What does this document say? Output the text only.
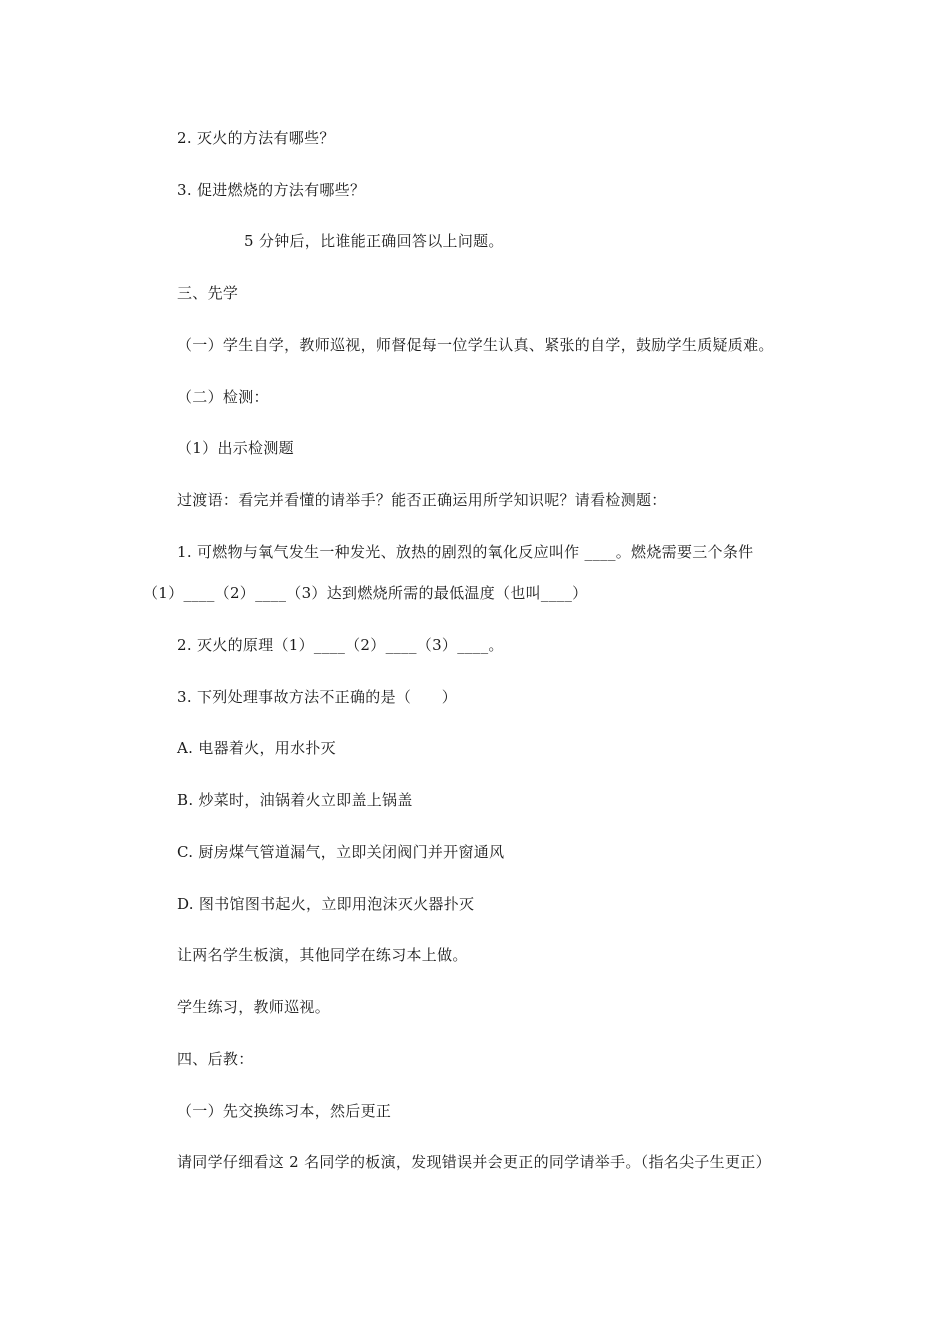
2. 灭火的方法有哪些？
3. 促进燃烧的方法有哪些？
5 分钟后，比谁能正确回答以上问题。
三、先学
（一）学生自学，教师巡视，师督促每一位学生认真、紧张的自学，鼓励学生质疑质难。
（二）检测：
（1）出示检测题
过渡语：看完并看懂的请举手？能否正确运用所学知识呢？请看检测题：
1. 可燃物与氧气发生一种发光、放热的剧烈的氧化反应叫作 ____。燃烧需要三个条件
（1）____（2）____（3）达到燃烧所需的最低温度（也叫____）
2. 灭火的原理（1）____（2）____（3）____。
3. 下列处理事故方法不正确的是（　　）
A. 电器着火，用水扑灭
B. 炒菜时，油锅着火立即盖上锅盖
C. 厨房煤气管道漏气，立即关闭阀门并开窗通风
D. 图书馆图书起火，立即用泡沫灭火器扑灭
让两名学生板演，其他同学在练习本上做。
学生练习，教师巡视。
四、后教：
（一）先交换练习本，然后更正
请同学仔细看这 2 名同学的板演，发现错误并会更正的同学请举手。（指名尖子生更正）
